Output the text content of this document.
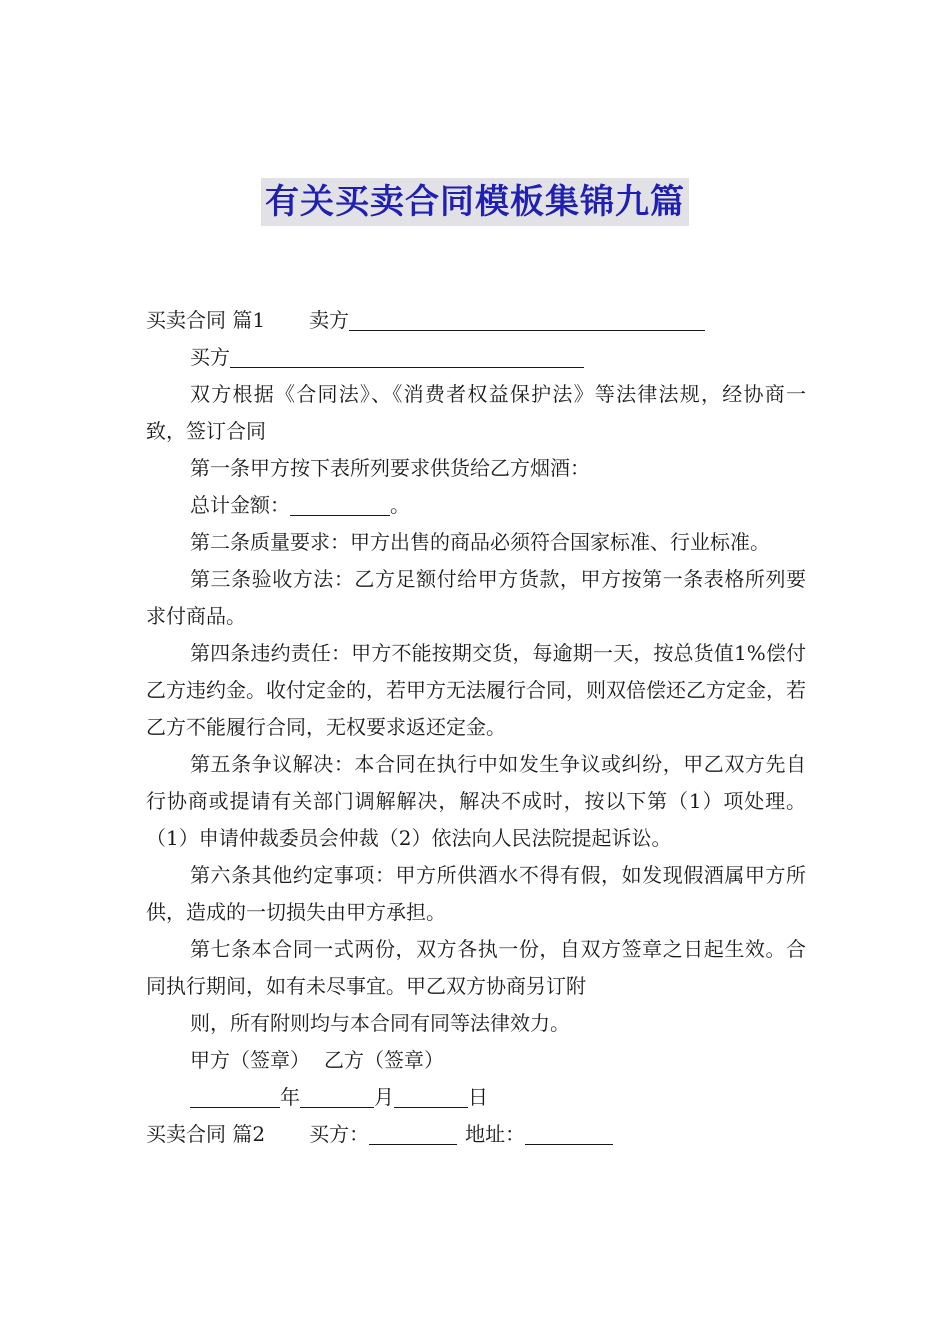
有关买卖合同模板集锦九篇

买卖合同 篇1 卖方

买方

双方根据《合同法》、《消费者权益保护法》等法律法规，经协商一致，签订合同

第一条甲方按下表所列要求供货给乙方烟酒：

总计金额：	。

第二条质量要求：甲方出售的商品必须符合国家标准、行业标准。

第三条验收方法：乙方足额付给甲方货款，甲方按第一条表格所列要求付商品。

第四条违约责任：甲方不能按期交货，每逾期一天，按总货值1%偿付乙方违约金。收付定金的，若甲方无法履行合同，则双倍偿还乙方定金，若乙方不能履行合同，无权要求返还定金。

第五条争议解决：本合同在执行中如发生争议或纠纷，甲乙双方先自行协商或提请有关部门调解解决，解决不成时，按以下第（1）项处理。（1）申请仲裁委员会仲裁（2）依法向人民法院提起诉讼。

第六条其他约定事项：甲方所供酒水不得有假，如发现假酒属甲方所供，造成的一切损失由甲方承担。

第七条本合同一式两份，双方各执一份，自双方签章之日起生效。合同执行期间，如有未尽事宜。甲乙双方协商另订附

则，所有附则均与本合同有同等法律效力。

甲方（签章） 乙方（签章）

年	月	日

买卖合同 篇2 买方：	地址：
